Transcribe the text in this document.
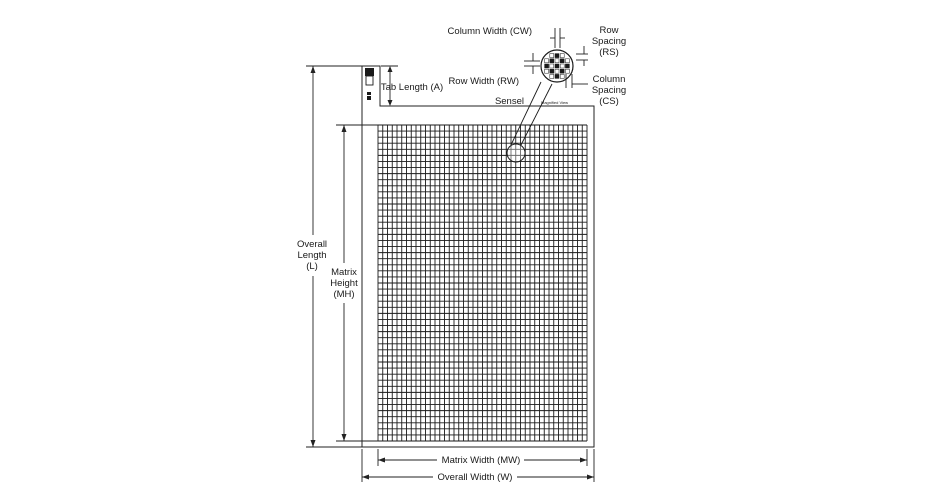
Magnified View
Column Width (CW)	Row
Spacing
(RS)
Row Width (RW)	Column
Spacing
(CS)
Sensel
Tab Length (A)
Overall
Length
(L)
Matrix
Height
(MH)
Matrix Width (MW)
Overall Width (W)
